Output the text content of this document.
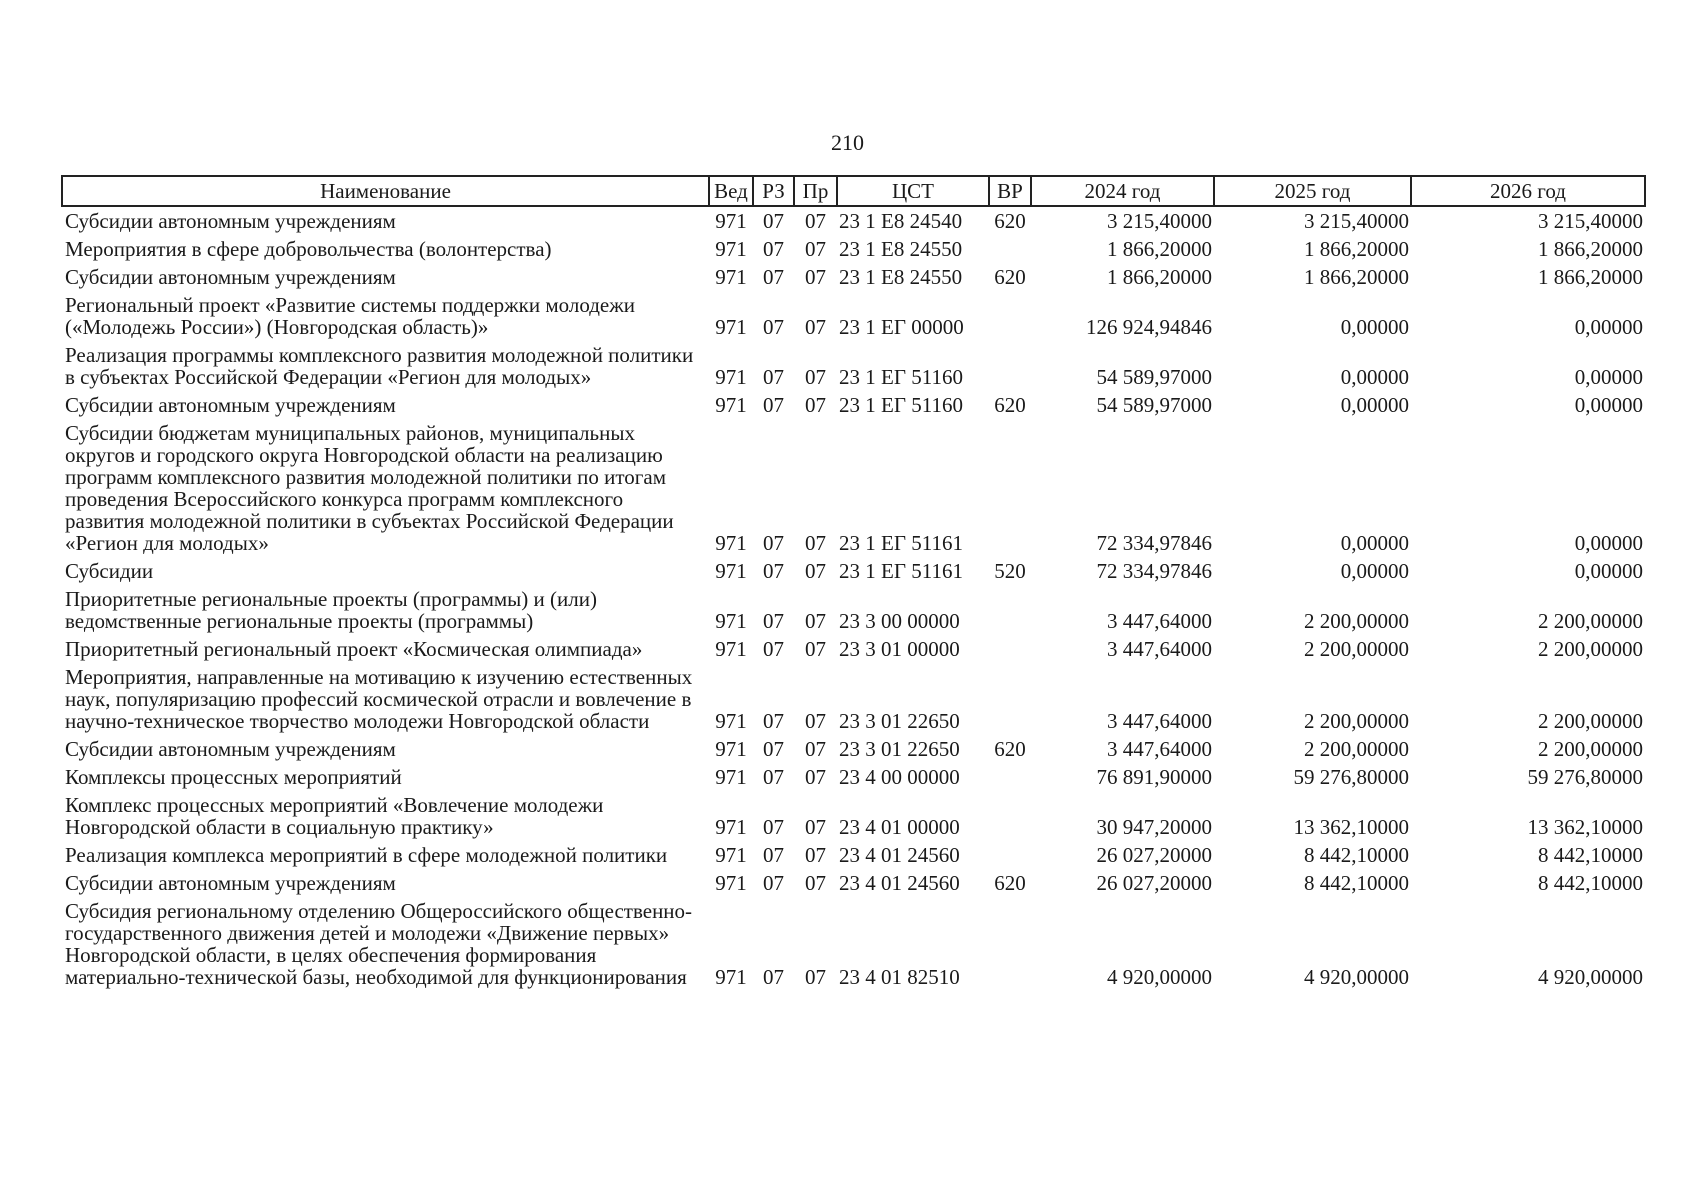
210
Наименование	Вед	РЗ	Пр	ЦСТ	ВР	2024 год	2025 год	2026 год
Субсидии автономным учреждениям	971	07	07	23 1 Е8 24540	620	3 215,40000	3 215,40000	3 215,40000
Мероприятия в сфере добровольчества (волонтерства)	971	07	07	23 1 Е8 24550		1 866,20000	1 866,20000	1 866,20000
Субсидии автономным учреждениям	971	07	07	23 1 Е8 24550	620	1 866,20000	1 866,20000	1 866,20000
Региональный проект «Развитие системы поддержки молодежи («Молодежь России») (Новгородская область)»	971	07	07	23 1 ЕГ 00000		126 924,94846	0,00000	0,00000
Реализация программы комплексного развития молодежной политики в субъектах Российской Федерации «Регион для молодых»	971	07	07	23 1 ЕГ 51160		54 589,97000	0,00000	0,00000
Субсидии автономным учреждениям	971	07	07	23 1 ЕГ 51160	620	54 589,97000	0,00000	0,00000
Субсидии бюджетам муниципальных районов, муниципальных округов и городского округа Новгородской области на реализацию программ комплексного развития молодежной политики по итогам проведения Всероссийского конкурса программ комплексного развития молодежной политики в субъектах Российской Федерации «Регион для молодых»	971	07	07	23 1 ЕГ 51161		72 334,97846	0,00000	0,00000
Субсидии	971	07	07	23 1 ЕГ 51161	520	72 334,97846	0,00000	0,00000
Приоритетные региональные проекты (программы) и (или) ведомственные региональные проекты (программы)	971	07	07	23 3 00 00000		3 447,64000	2 200,00000	2 200,00000
Приоритетный региональный проект «Космическая олимпиада»	971	07	07	23 3 01 00000		3 447,64000	2 200,00000	2 200,00000
Мероприятия, направленные на мотивацию к изучению естественных наук, популяризацию профессий космической отрасли и вовлечение в научно-техническое творчество молодежи Новгородской области	971	07	07	23 3 01 22650		3 447,64000	2 200,00000	2 200,00000
Субсидии автономным учреждениям	971	07	07	23 3 01 22650	620	3 447,64000	2 200,00000	2 200,00000
Комплексы процессных мероприятий	971	07	07	23 4 00 00000		76 891,90000	59 276,80000	59 276,80000
Комплекс процессных мероприятий «Вовлечение молодежи Новгородской области в социальную практику»	971	07	07	23 4 01 00000		30 947,20000	13 362,10000	13 362,10000
Реализация комплекса мероприятий в сфере молодежной политики	971	07	07	23 4 01 24560		26 027,20000	8 442,10000	8 442,10000
Субсидии автономным учреждениям	971	07	07	23 4 01 24560	620	26 027,20000	8 442,10000	8 442,10000
Субсидия региональному отделению Общероссийского общественно-государственного движения детей и молодежи «Движение первых» Новгородской области, в целях обеспечения формирования материально-технической базы, необходимой для функционирования	971	07	07	23 4 01 82510		4 920,00000	4 920,00000	4 920,00000
